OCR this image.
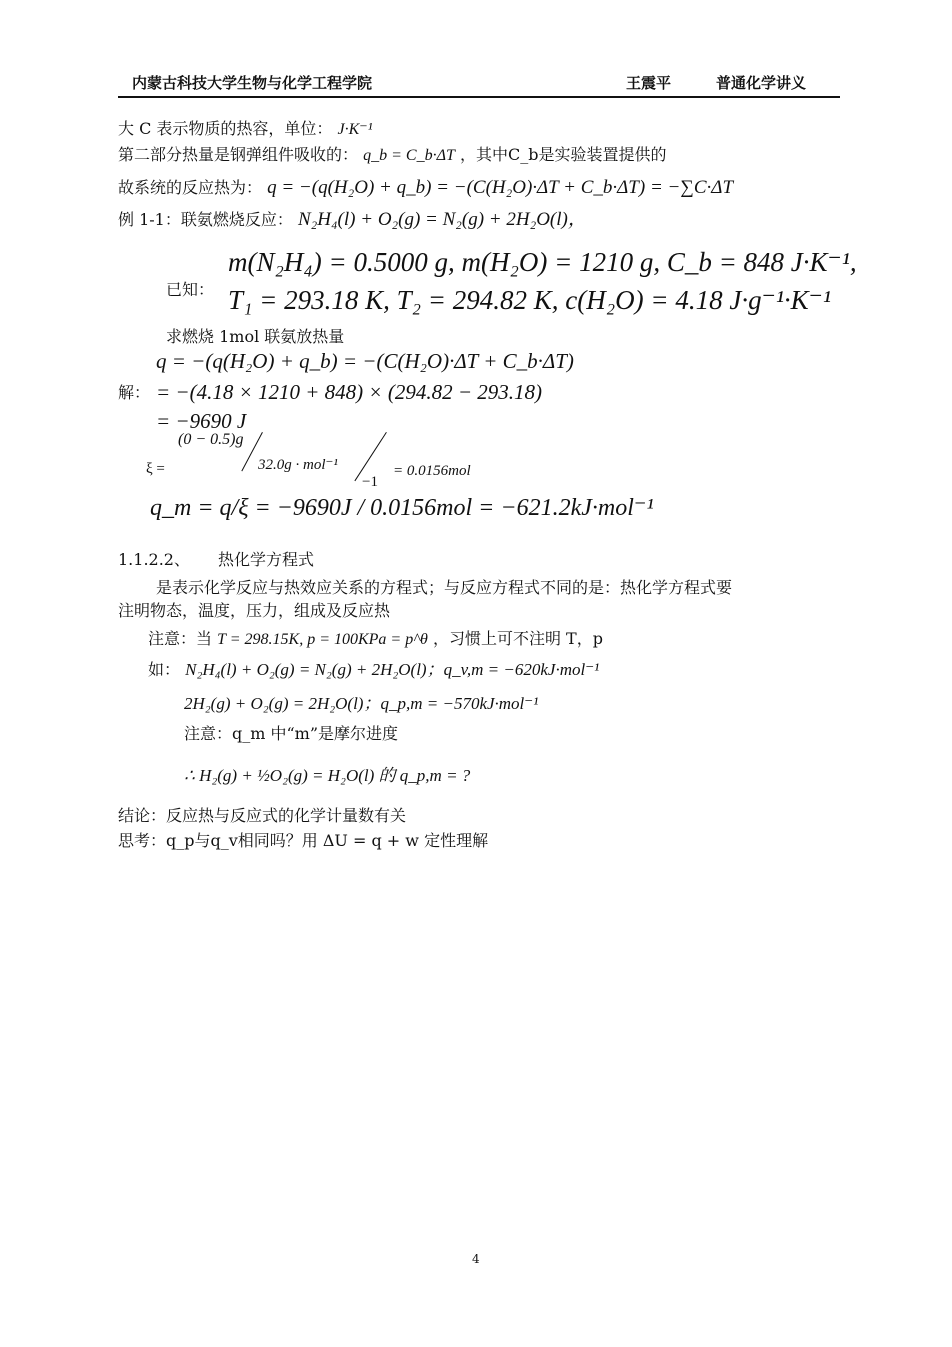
内蒙古科技大学生物与化学工程学院	王震平	普通化学讲义
大 C 表示物质的热容，单位： J·K⁻¹
第二部分热量是钢弹组件吸收的： q_b = C_b·ΔT ，其中C_b是实验装置提供的
故系统的反应热为： q = −(q(H₂O) + q_b) = −(C(H₂O)·ΔT + C_b·ΔT) = −∑C·ΔT
例 1-1：联氨燃烧反应： N₂H₄(l) + O₂(g) = N₂(g) + 2H₂O(l)，
已知：
m(N₂H₄) = 0.5000 g, m(H₂O) = 1210 g, C_b = 848 J·K⁻¹,
T₁ = 293.18 K, T₂ = 294.82 K, c(H₂O) = 4.18 J·g⁻¹·K⁻¹
求燃烧 1mol 联氨放热量
q = −(q(H₂O) + q_b) = −(C(H₂O)·ΔT + C_b·ΔT)
解： = −(4.18 × 1210 + 848) × (294.82 − 293.18)
= −9690 J
(0 − 0.5)g
ξ =	32.0g · mol⁻¹
−1
= 0.0156mol
q_m = q/ξ = −9690J / 0.0156mol = −621.2kJ·mol⁻¹
1.1.2.2、 热化学方程式
是表示化学反应与热效应关系的方程式；与反应方程式不同的是：热化学方程式要
注明物态，温度，压力，组成及反应热
注意：当 T = 298.15K, p = 100KPa = p^θ ，习惯上可不注明 T，p
如： N₂H₄(l) + O₂(g) = N₂(g) + 2H₂O(l)；q_v,m = −620kJ·mol⁻¹
2H₂(g) + O₂(g) = 2H₂O(l)；q_p,m = −570kJ·mol⁻¹
注意：q_m 中“m”是摩尔进度
∴ H₂(g) + ½O₂(g) = H₂O(l) 的 q_p,m = ?
结论：反应热与反应式的化学计量数有关
思考：q_p与q_v相同吗？用 ΔU = q + w 定性理解
4
